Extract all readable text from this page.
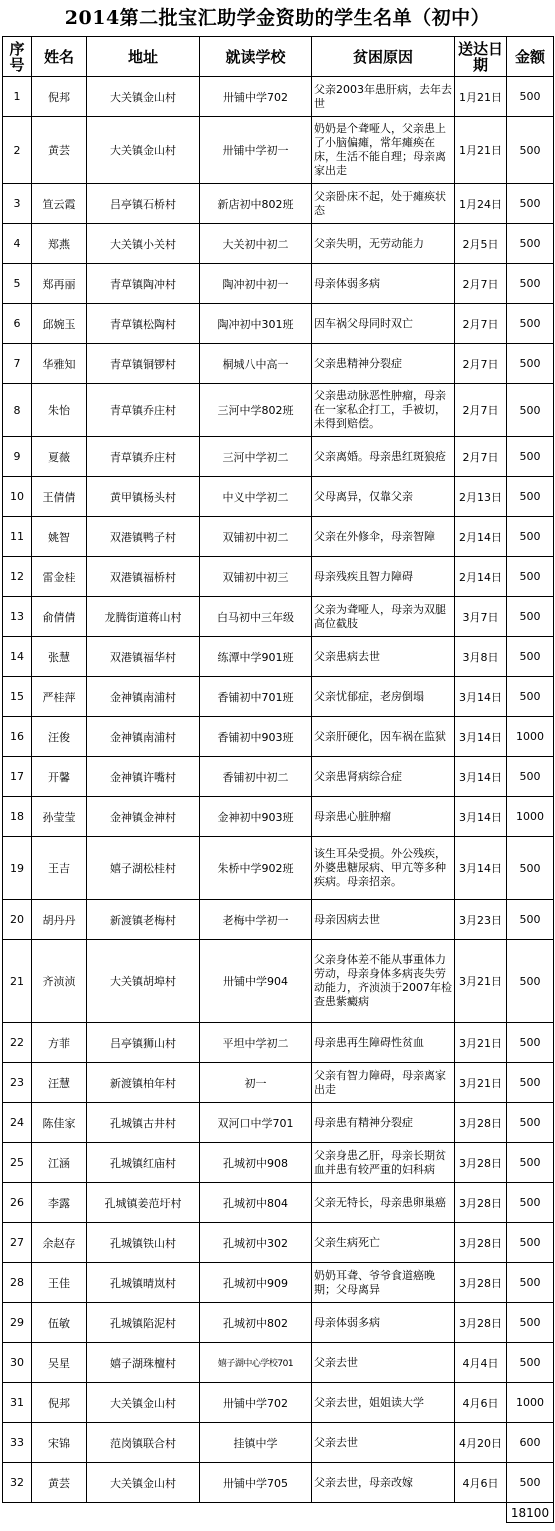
2014第二批宝汇助学金资助的学生名单（初中）
序号	姓名	地址	就读学校	贫困原因	送达日期	金额
1	倪邦	大关镇金山村	卅铺中学702	父亲2003年患肝病，去年去世	1月21日	500
2	黄芸	大关镇金山村	卅铺中学初一	奶奶是个聋哑人，父亲患上了小脑偏瘫，常年瘫痪在床，生活不能自理；母亲离家出走	1月21日	500
3	笪云霞	吕亭镇石桥村	新店初中802班	父亲卧床不起，处于瘫痪状态	1月24日	500
4	郑燕	大关镇小关村	大关初中初二	父亲失明，无劳动能力	2月5日	500
5	郑再丽	青草镇陶冲村	陶冲初中初一	母亲体弱多病	2月7日	500
6	邱婉玉	青草镇松陶村	陶冲初中301班	因车祸父母同时双亡	2月7日	500
7	华雅知	青草镇铜锣村	桐城八中高一	父亲患精神分裂症	2月7日	500
8	朱怡	青草镇乔庄村	三河中学802班	父亲患动脉恶性肿瘤，母亲在一家私企打工，手被切，未得到赔偿。	2月7日	500
9	夏薇	青草镇乔庄村	三河中学初二	父亲离婚。母亲患红斑狼疮	2月7日	500
10	王倩倩	黄甲镇杨头村	中义中学初二	父母离异，仅靠父亲	2月13日	500
11	姚智	双港镇鸭子村	双铺初中初二	父亲在外修伞，母亲智障	2月14日	500
12	雷金桂	双港镇福桥村	双铺初中初三	母亲残疾且智力障碍	2月14日	500
13	俞倩倩	龙腾街道蒋山村	白马初中三年级	父亲为聋哑人，母亲为双腿高位截肢	3月7日	500
14	张慧	双港镇福华村	练潭中学901班	父亲患病去世	3月8日	500
15	严桂萍	金神镇南浦村	香铺初中701班	父亲忧郁症，老房倒塌	3月14日	500
16	汪俊	金神镇南浦村	香铺初中903班	父亲肝硬化，因车祸在监狱	3月14日	1000
17	开馨	金神镇许嘴村	香铺初中初二	父亲患肾病综合症	3月14日	500
18	孙莹莹	金神镇金神村	金神初中903班	母亲患心脏肿瘤	3月14日	1000
19	王吉	嬉子湖松桂村	朱桥中学902班	该生耳朵受损。外公残疾，外婆患糖尿病、甲亢等多种疾病。母亲招亲。	3月14日	500
20	胡丹丹	新渡镇老梅村	老梅中学初一	母亲因病去世	3月23日	500
21	齐浈浈	大关镇胡埠村	卅铺中学904	父亲身体差不能从事重体力劳动，母亲身体多病丧失劳动能力，齐浈浈于2007年检查患紫癜病	3月21日	500
22	方菲	吕亭镇狮山村	平坦中学初二	母亲患再生障碍性贫血	3月21日	500
23	汪慧	新渡镇柏年村	初一	父亲有智力障碍，母亲离家出走	3月21日	500
24	陈佳家	孔城镇古井村	双河口中学701	母亲患有精神分裂症	3月28日	500
25	江涵	孔城镇红庙村	孔城初中908	父亲身患乙肝，母亲长期贫血并患有较严重的妇科病	3月28日	500
26	李露	孔城镇姜范圩村	孔城初中804	父亲无特长，母亲患卵巢癌	3月28日	500
27	余赵存	孔城镇铁山村	孔城初中302	父亲生病死亡	3月28日	500
28	王佳	孔城镇晴岚村	孔城初中909	奶奶耳聋、爷爷食道癌晚期；父母离异	3月28日	500
29	伍敏	孔城镇陷泥村	孔城初中802	母亲体弱多病	3月28日	500
30	吴星	嬉子湖珠檀村	嬉子湖中心学校701	父亲去世	4月4日	500
31	倪邦	大关镇金山村	卅铺中学702	父亲去世，姐姐读大学	4月6日	1000
33	宋锦	范岗镇联合村	挂镇中学	父亲去世	4月20日	600
32	黄芸	大关镇金山村	卅铺中学705	父亲去世，母亲改嫁	4月6日	500
						18100
